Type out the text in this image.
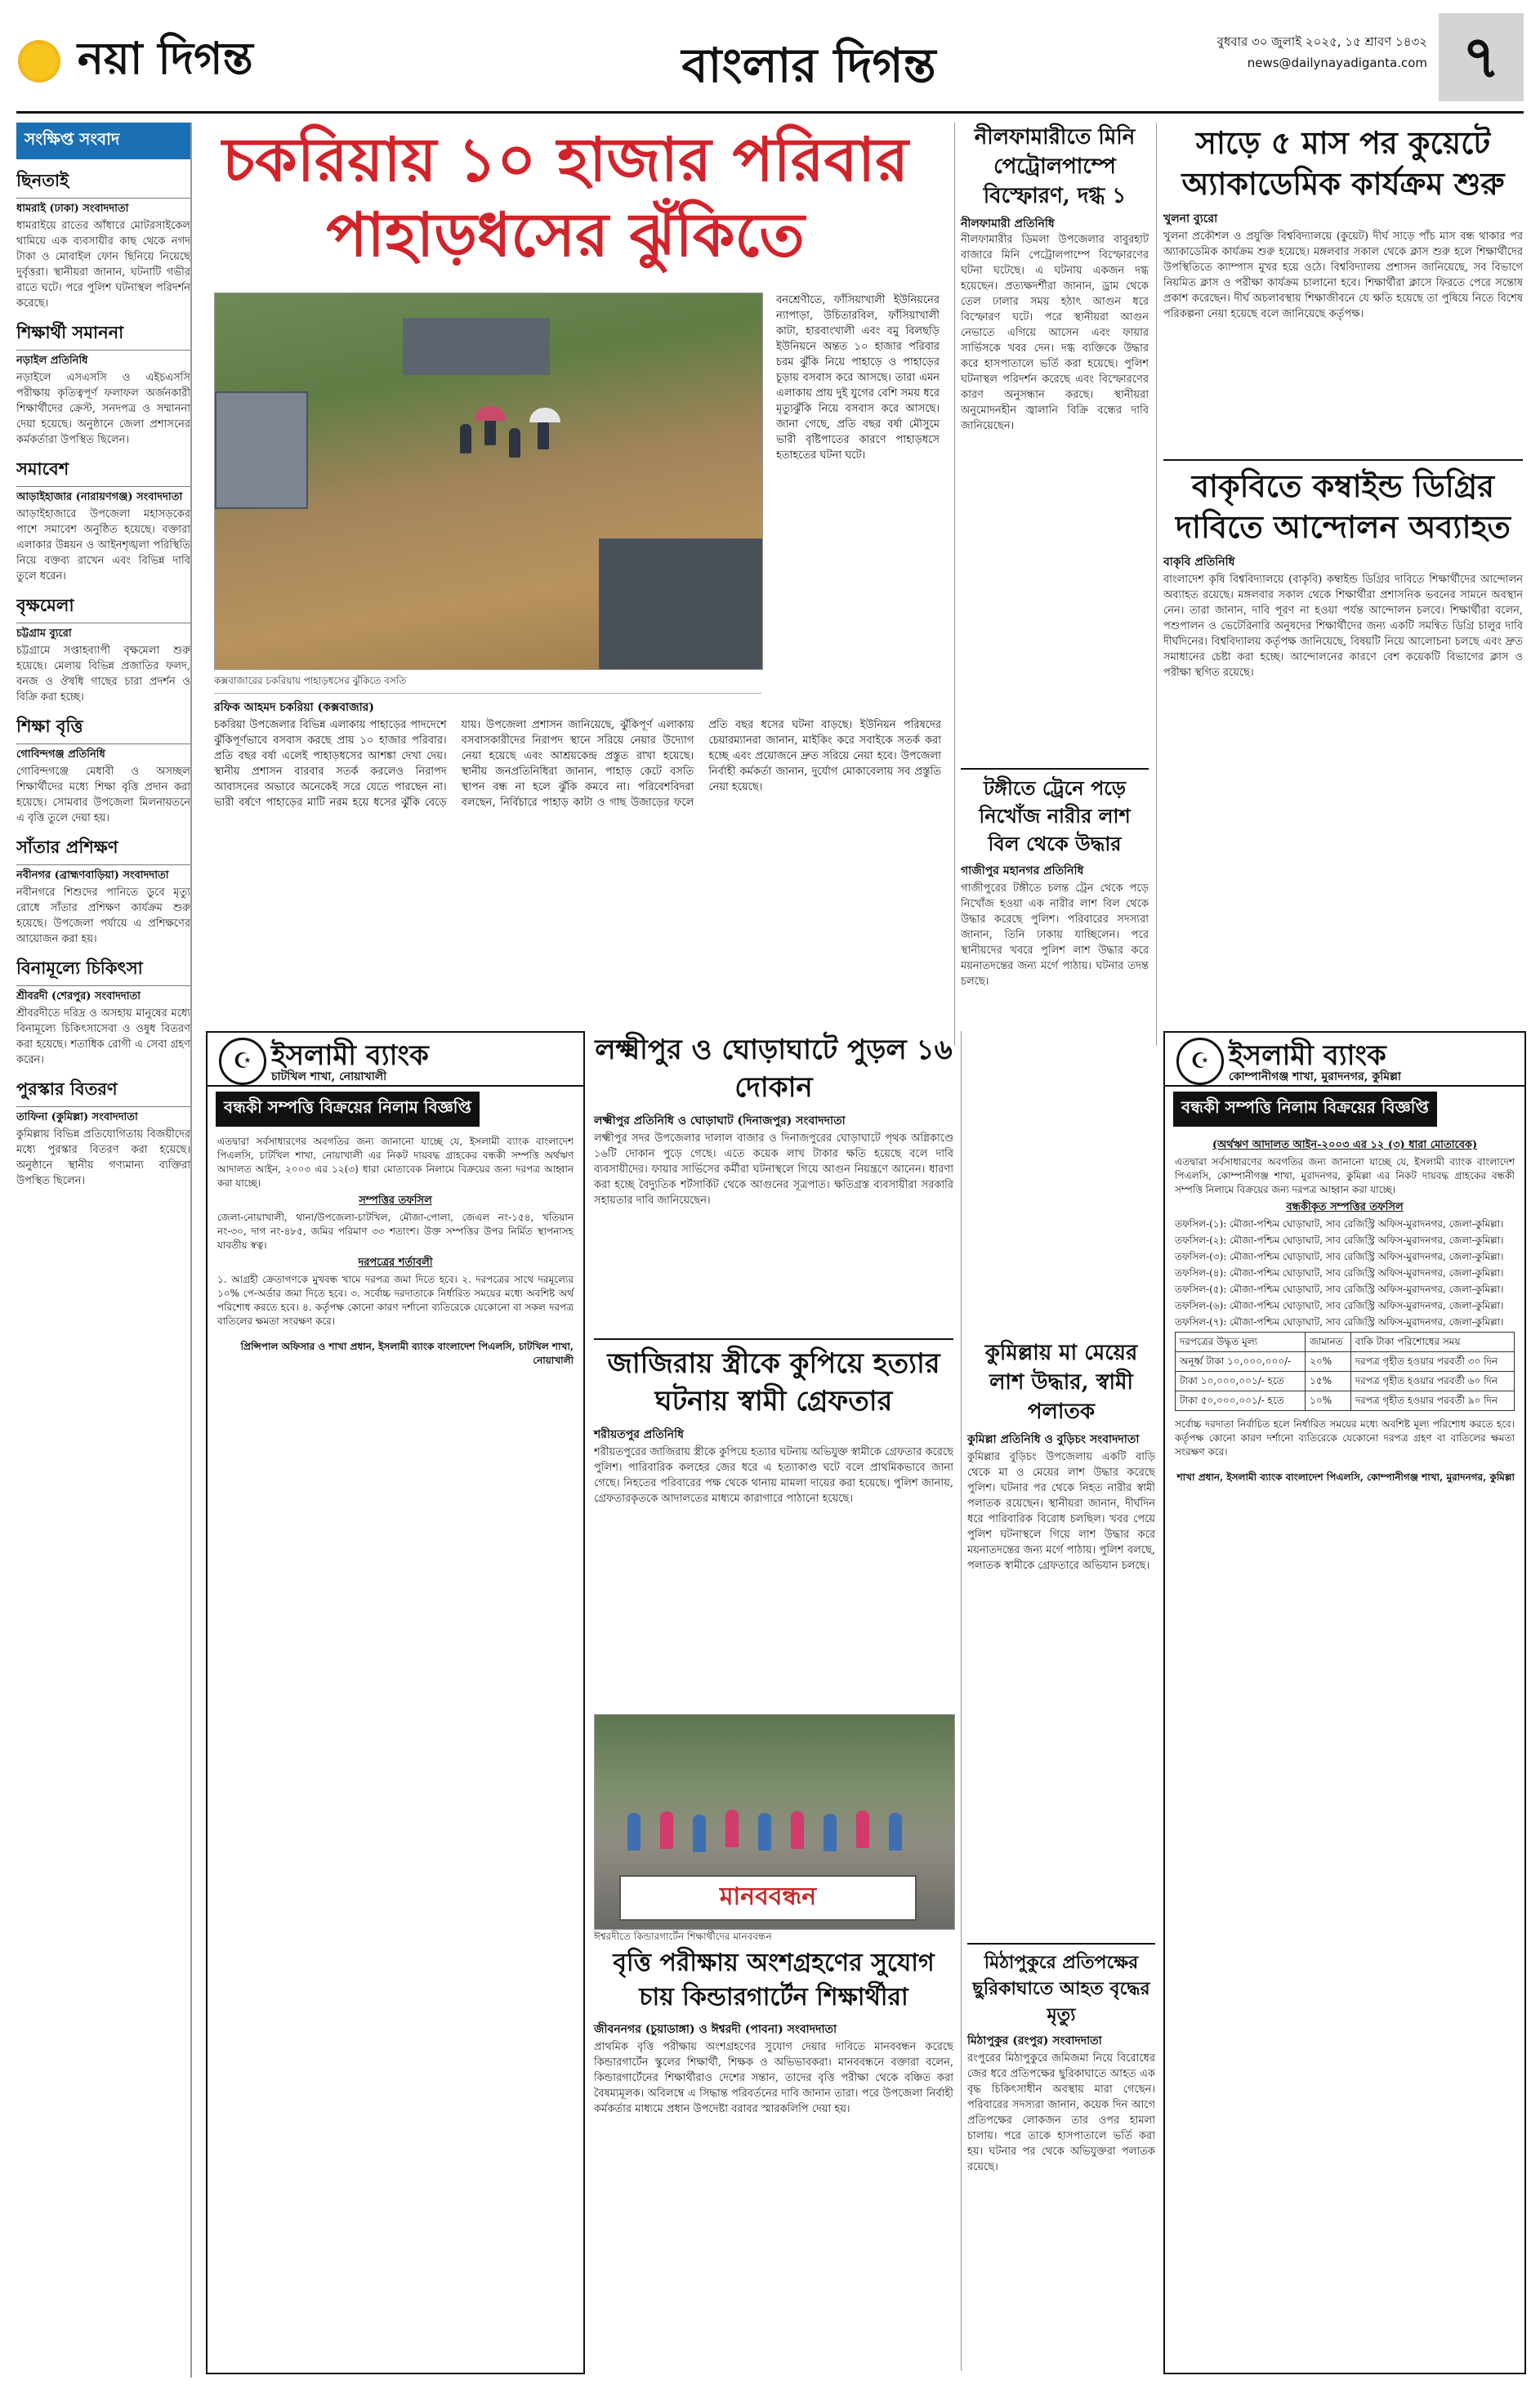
নয়া দিগন্ত	বাংলার দিগন্ত	বুধবার ৩০ জুলাই ২০২৫, ১৫ শ্রাবণ ১৪৩২
news@dailynayadiganta.com ৭
সংক্ষিপ্ত সংবাদ
ছিনতাই
ধামরাই (ঢাকা) সংবাদদাতা
ধামরাইয়ে রাতের আঁধারে মোটরসাইকেল থামিয়ে এক ব্যবসায়ীর কাছ থেকে নগদ টাকা ও মোবাইল ফোন ছিনিয়ে নিয়েছে দুর্বৃত্তরা। স্থানীয়রা জানান, ঘটনাটি গভীর রাতে ঘটে। পরে পুলিশ ঘটনাস্থল পরিদর্শন করেছে।
শিক্ষার্থী সমাননা
নড়াইল প্রতিনিধি
নড়াইলে এসএসসি ও এইচএসসি পরীক্ষায় কৃতিত্বপূর্ণ ফলাফল অর্জনকারী শিক্ষার্থীদের ক্রেস্ট, সনদপত্র ও সম্মাননা দেয়া হয়েছে। অনুষ্ঠানে জেলা প্রশাসনের কর্মকর্তারা উপস্থিত ছিলেন।
সমাবেশ
আড়াইহাজার (নারায়ণগঞ্জ) সংবাদদাতা
আড়াইহাজারে উপজেলা মহাসড়কের পাশে সমাবেশ অনুষ্ঠিত হয়েছে। বক্তারা এলাকার উন্নয়ন ও আইনশৃঙ্খলা পরিস্থিতি নিয়ে বক্তব্য রাখেন এবং বিভিন্ন দাবি তুলে ধরেন।
বৃক্ষমেলা
চট্টগ্রাম ব্যুরো
চট্টগ্রামে সপ্তাহব্যাপী বৃক্ষমেলা শুরু হয়েছে। মেলায় বিভিন্ন প্রজাতির ফলদ, বনজ ও ঔষধি গাছের চারা প্রদর্শন ও বিক্রি করা হচ্ছে।
শিক্ষা বৃত্তি
গোবিন্দগঞ্জ প্রতিনিধি
গোবিন্দগঞ্জে মেধাবী ও অসচ্ছল শিক্ষার্থীদের মধ্যে শিক্ষা বৃত্তি প্রদান করা হয়েছে। সোমবার উপজেলা মিলনায়তনে এ বৃত্তি তুলে দেয়া হয়।
সাঁতার প্রশিক্ষণ
নবীনগর (ব্রাহ্মণবাড়িয়া) সংবাদদাতা
নবীনগরে শিশুদের পানিতে ডুবে মৃত্যু রোধে সাঁতার প্রশিক্ষণ কার্যক্রম শুরু হয়েছে। উপজেলা পর্যায়ে এ প্রশিক্ষণের আয়োজন করা হয়।
বিনামূল্যে চিকিৎসা
শ্রীবরদী (শেরপুর) সংবাদদাতা
শ্রীবরদীতে দরিদ্র ও অসহায় মানুষের মধ্যে বিনামূল্যে চিকিৎসাসেবা ও ওষুধ বিতরণ করা হয়েছে। শতাধিক রোগী এ সেবা গ্রহণ করেন।
পুরস্কার বিতরণ
তাফিনা (কুমিল্লা) সংবাদদাতা
কুমিল্লায় বিভিন্ন প্রতিযোগিতায় বিজয়ীদের মধ্যে পুরস্কার বিতরণ করা হয়েছে। অনুষ্ঠানে স্থানীয় গণ্যমান্য ব্যক্তিরা উপস্থিত ছিলেন।
চকরিয়ায় ১০ হাজার পরিবার পাহাড়ধসের ঝুঁকিতে
কক্সবাজারের চকরিয়ায় পাহাড়ধসের ঝুঁকিতে বসতি
বনশ্রেণীতে, ফাঁসিয়াখালী ইউনিয়নের ন্যাপাড়া, উচিতারবিল, ফাঁসিয়াখালী কাটা, হারবাংখালী এবং বমু বিলছড়ি ইউনিয়নে অন্তত ১০ হাজার পরিবার চরম ঝুঁকি নিয়ে পাহাড়ে ও পাহাড়ের চূড়ায় বসবাস করে আসছে। তারা এমন এলাকায় প্রায় দুই যুগের বেশি সময় ধরে মৃত্যুঝুঁকি নিয়ে বসবাস করে আসছে। জানা গেছে, প্রতি বছর বর্ষা মৌসুমে ভারী বৃষ্টিপাতের কারণে পাহাড়ধসে হতাহতের ঘটনা ঘটে।
রফিক আহমদ চকরিয়া (কক্সবাজার)
চকরিয়া উপজেলার বিভিন্ন এলাকায় পাহাড়ের পাদদেশে ঝুঁকিপূর্ণভাবে বসবাস করছে প্রায় ১০ হাজার পরিবার। প্রতি বছর বর্ষা এলেই পাহাড়ধসের আশঙ্কা দেখা দেয়। স্থানীয় প্রশাসন বারবার সতর্ক করলেও নিরাপদ আবাসনের অভাবে অনেকেই সরে যেতে পারছেন না। ভারী বর্ষণে পাহাড়ের মাটি নরম হয়ে ধসের ঝুঁকি বেড়ে যায়। উপজেলা প্রশাসন জানিয়েছে, ঝুঁকিপূর্ণ এলাকায় বসবাসকারীদের নিরাপদ স্থানে সরিয়ে নেয়ার উদ্যোগ নেয়া হয়েছে এবং আশ্রয়কেন্দ্র প্রস্তুত রাখা হয়েছে। স্থানীয় জনপ্রতিনিধিরা জানান, পাহাড় কেটে বসতি স্থাপন বন্ধ না হলে ঝুঁকি কমবে না। পরিবেশবিদরা বলছেন, নির্বিচারে পাহাড় কাটা ও গাছ উজাড়ের ফলে প্রতি বছর ধসের ঘটনা বাড়ছে। ইউনিয়ন পরিষদের চেয়ারম্যানরা জানান, মাইকিং করে সবাইকে সতর্ক করা হচ্ছে এবং প্রয়োজনে দ্রুত সরিয়ে নেয়া হবে। উপজেলা নির্বাহী কর্মকর্তা জানান, দুর্যোগ মোকাবেলায় সব প্রস্তুতি নেয়া হয়েছে।
নীলফামারীতে মিনি পেট্রোলপাম্পে বিস্ফোরণ, দগ্ধ ১
নীলফামারী প্রতিনিধি
নীলফামারীর ডিমলা উপজেলার বাবুরহাট বাজারে মিনি পেট্রোলপাম্পে বিস্ফোরণের ঘটনা ঘটেছে। এ ঘটনায় একজন দগ্ধ হয়েছেন। প্রত্যক্ষদর্শীরা জানান, ড্রাম থেকে তেল ঢালার সময় হঠাৎ আগুন ধরে বিস্ফোরণ ঘটে। পরে স্থানীয়রা আগুন নেভাতে এগিয়ে আসেন এবং ফায়ার সার্ভিসকে খবর দেন। দগ্ধ ব্যক্তিকে উদ্ধার করে হাসপাতালে ভর্তি করা হয়েছে। পুলিশ ঘটনাস্থল পরিদর্শন করেছে এবং বিস্ফোরণের কারণ অনুসন্ধান করছে। স্থানীয়রা অনুমোদনহীন জ্বালানি বিক্রি বন্ধের দাবি জানিয়েছেন।
টঙ্গীতে ট্রেনে পড়ে নিখোঁজ নারীর লাশ বিল থেকে উদ্ধার
গাজীপুর মহানগর প্রতিনিধি
গাজীপুরের টঙ্গীতে চলন্ত ট্রেন থেকে পড়ে নিখোঁজ হওয়া এক নারীর লাশ বিল থেকে উদ্ধার করেছে পুলিশ। পরিবারের সদস্যরা জানান, তিনি ঢাকায় যাচ্ছিলেন। পরে স্থানীয়দের খবরে পুলিশ লাশ উদ্ধার করে ময়নাতদন্তের জন্য মর্গে পাঠায়। ঘটনার তদন্ত চলছে।
সাড়ে ৫ মাস পর কুয়েটে অ্যাকাডেমিক কার্যক্রম শুরু
খুলনা ব্যুরো
খুলনা প্রকৌশল ও প্রযুক্তি বিশ্ববিদ্যালয়ে (কুয়েট) দীর্ঘ সাড়ে পাঁচ মাস বন্ধ থাকার পর অ্যাকাডেমিক কার্যক্রম শুরু হয়েছে। মঙ্গলবার সকাল থেকে ক্লাস শুরু হলে শিক্ষার্থীদের উপস্থিতিতে ক্যাম্পাস মুখর হয়ে ওঠে। বিশ্ববিদ্যালয় প্রশাসন জানিয়েছে, সব বিভাগে নিয়মিত ক্লাস ও পরীক্ষা কার্যক্রম চালানো হবে। শিক্ষার্থীরা ক্লাসে ফিরতে পেরে সন্তোষ প্রকাশ করেছেন। দীর্ঘ অচলাবস্থায় শিক্ষাজীবনে যে ক্ষতি হয়েছে তা পুষিয়ে নিতে বিশেষ পরিকল্পনা নেয়া হয়েছে বলে জানিয়েছে কর্তৃপক্ষ।
বাকৃবিতে কম্বাইন্ড ডিগ্রির দাবিতে আন্দোলন অব্যাহত
বাকৃবি প্রতিনিধি
বাংলাদেশ কৃষি বিশ্ববিদ্যালয়ে (বাকৃবি) কম্বাইন্ড ডিগ্রির দাবিতে শিক্ষার্থীদের আন্দোলন অব্যাহত রয়েছে। মঙ্গলবার সকাল থেকে শিক্ষার্থীরা প্রশাসনিক ভবনের সামনে অবস্থান নেন। তারা জানান, দাবি পূরণ না হওয়া পর্যন্ত আন্দোলন চলবে। শিক্ষার্থীরা বলেন, পশুপালন ও ভেটেরিনারি অনুষদের শিক্ষার্থীদের জন্য একটি সমন্বিত ডিগ্রি চালুর দাবি দীর্ঘদিনের। বিশ্ববিদ্যালয় কর্তৃপক্ষ জানিয়েছে, বিষয়টি নিয়ে আলোচনা চলছে এবং দ্রুত সমাধানের চেষ্টা করা হচ্ছে। আন্দোলনের কারণে বেশ কয়েকটি বিভাগের ক্লাস ও পরীক্ষা স্থগিত রয়েছে।
☪ ইসলামী ব্যাংক
চাটখিল শাখা, নোয়াখালী
বন্ধকী সম্পত্তি বিক্রয়ের নিলাম বিজ্ঞপ্তি
এতদ্বারা সর্বসাধারণের অবগতির জন্য জানানো যাচ্ছে যে, ইসলামী ব্যাংক বাংলাদেশ পিএলসি, চাটখিল শাখা, নোয়াখালী এর নিকট দায়বদ্ধ গ্রাহকের বন্ধকী সম্পত্তি অর্থঋণ আদালত আইন, ২০০৩ এর ১২(৩) ধারা মোতাবেক নিলামে বিক্রয়ের জন্য দরপত্র আহ্বান করা যাচ্ছে।
সম্পত্তির তফসিল
জেলা-নোয়াখালী, থানা/উপজেলা-চাটখিল, মৌজা-পোলা, জেএল নং-১৫৪, খতিয়ান নং-৩০, দাগ নং-৪৮৫, জমির পরিমাণ ৩৩ শতাংশ। উক্ত সম্পত্তির উপর নির্মিত স্থাপনাসহ যাবতীয় স্বত্ব।
দরপত্রের শর্তাবলী
১. আগ্রহী ক্রেতাগণকে মুখবন্ধ খামে দরপত্র জমা দিতে হবে। ২. দরপত্রের সাথে দরমূল্যের ১০% পে-অর্ডার জমা দিতে হবে। ৩. সর্বোচ্চ দরদাতাকে নির্ধারিত সময়ের মধ্যে অবশিষ্ট অর্থ পরিশোধ করতে হবে। ৪. কর্তৃপক্ষ কোনো কারণ দর্শানো ব্যতিরেকে যেকোনো বা সকল দরপত্র বাতিলের ক্ষমতা সংরক্ষণ করে।
প্রিন্সিপাল অফিসার ও শাখা প্রধান, ইসলামী ব্যাংক বাংলাদেশ পিএলসি, চাটখিল শাখা, নোয়াখালী
লক্ষ্মীপুর ও ঘোড়াঘাটে পুড়ল ১৬ দোকান
লক্ষ্মীপুর প্রতিনিধি ও ঘোড়াঘাট (দিনাজপুর) সংবাদদাতা
লক্ষ্মীপুর সদর উপজেলার দালাল বাজার ও দিনাজপুরের ঘোড়াঘাটে পৃথক অগ্নিকাণ্ডে ১৬টি দোকান পুড়ে গেছে। এতে কয়েক লাখ টাকার ক্ষতি হয়েছে বলে দাবি ব্যবসায়ীদের। ফায়ার সার্ভিসের কর্মীরা ঘটনাস্থলে গিয়ে আগুন নিয়ন্ত্রণে আনেন। ধারণা করা হচ্ছে বৈদ্যুতিক শর্টসার্কিট থেকে আগুনের সূত্রপাত। ক্ষতিগ্রস্ত ব্যবসায়ীরা সরকারি সহায়তার দাবি জানিয়েছেন।
জাজিরায় স্ত্রীকে কুপিয়ে হত্যার ঘটনায় স্বামী গ্রেফতার
শরীয়তপুর প্রতিনিধি
শরীয়তপুরের জাজিরায় স্ত্রীকে কুপিয়ে হত্যার ঘটনায় অভিযুক্ত স্বামীকে গ্রেফতার করেছে পুলিশ। পারিবারিক কলহের জের ধরে এ হত্যাকাণ্ড ঘটে বলে প্রাথমিকভাবে জানা গেছে। নিহতের পরিবারের পক্ষ থেকে থানায় মামলা দায়ের করা হয়েছে। পুলিশ জানায়, গ্রেফতারকৃতকে আদালতের মাধ্যমে কারাগারে পাঠানো হয়েছে।
মানববন্ধন
ঈশ্বরদীতে কিন্ডারগার্টেন শিক্ষার্থীদের মানববন্ধন
বৃত্তি পরীক্ষায় অংশগ্রহণের সুযোগ চায় কিন্ডারগার্টেন শিক্ষার্থীরা
জীবননগর (চুয়াডাঙ্গা) ও ঈশ্বরদী (পাবনা) সংবাদদাতা
প্রাথমিক বৃত্তি পরীক্ষায় অংশগ্রহণের সুযোগ দেয়ার দাবিতে মানববন্ধন করেছে কিন্ডারগার্টেন স্কুলের শিক্ষার্থী, শিক্ষক ও অভিভাবকরা। মানববন্ধনে বক্তারা বলেন, কিন্ডারগার্টেনের শিক্ষার্থীরাও দেশের সন্তান, তাদের বৃত্তি পরীক্ষা থেকে বঞ্চিত করা বৈষম্যমূলক। অবিলম্বে এ সিদ্ধান্ত পরিবর্তনের দাবি জানান তারা। পরে উপজেলা নির্বাহী কর্মকর্তার মাধ্যমে প্রধান উপদেষ্টা বরাবর স্মারকলিপি দেয়া হয়।
কুমিল্লায় মা মেয়ের লাশ উদ্ধার, স্বামী পলাতক
কুমিল্লা প্রতিনিধি ও বুড়িচং সংবাদদাতা
কুমিল্লার বুড়িচং উপজেলায় একটি বাড়ি থেকে মা ও মেয়ের লাশ উদ্ধার করেছে পুলিশ। ঘটনার পর থেকে নিহত নারীর স্বামী পলাতক রয়েছেন। স্থানীয়রা জানান, দীর্ঘদিন ধরে পারিবারিক বিরোধ চলছিল। খবর পেয়ে পুলিশ ঘটনাস্থলে গিয়ে লাশ উদ্ধার করে ময়নাতদন্তের জন্য মর্গে পাঠায়। পুলিশ বলছে, পলাতক স্বামীকে গ্রেফতারে অভিযান চলছে।
মিঠাপুকুরে প্রতিপক্ষের ছুরিকাঘাতে আহত বৃদ্ধের মৃত্যু
মিঠাপুকুর (রংপুর) সংবাদদাতা
রংপুরের মিঠাপুকুরে জমিজমা নিয়ে বিরোধের জের ধরে প্রতিপক্ষের ছুরিকাঘাতে আহত এক বৃদ্ধ চিকিৎসাধীন অবস্থায় মারা গেছেন। পরিবারের সদস্যরা জানান, কয়েক দিন আগে প্রতিপক্ষের লোকজন তার ওপর হামলা চালায়। পরে তাকে হাসপাতালে ভর্তি করা হয়। ঘটনার পর থেকে অভিযুক্তরা পলাতক রয়েছে।
☪ ইসলামী ব্যাংক
কোম্পানীগঞ্জ শাখা, মুরাদনগর, কুমিল্লা
বন্ধকী সম্পত্তি নিলাম বিক্রয়ের বিজ্ঞপ্তি
(অর্থঋণ আদালত আইন-২০০৩ এর ১২ (৩) ধারা মোতাবেক)
এতদ্বারা সর্বসাধারণের অবগতির জন্য জানানো যাচ্ছে যে, ইসলামী ব্যাংক বাংলাদেশ পিএলসি, কোম্পানীগঞ্জ শাখা, মুরাদনগর, কুমিল্লা এর নিকট দায়বদ্ধ গ্রাহকের বন্ধকী সম্পত্তি নিলামে বিক্রয়ের জন্য দরপত্র আহ্বান করা যাচ্ছে।
বন্ধকীকৃত সম্পত্তির তফসিল
তফসিল-(১): মৌজা-পশ্চিম ঘোড়াঘাট, সাব রেজিস্ট্রি অফিস-মুরাদনগর, জেলা-কুমিল্লা।
তফসিল-(২): মৌজা-পশ্চিম ঘোড়াঘাট, সাব রেজিস্ট্রি অফিস-মুরাদনগর, জেলা-কুমিল্লা।
তফসিল-(৩): মৌজা-পশ্চিম ঘোড়াঘাট, সাব রেজিস্ট্রি অফিস-মুরাদনগর, জেলা-কুমিল্লা।
তফসিল-(৪): মৌজা-পশ্চিম ঘোড়াঘাট, সাব রেজিস্ট্রি অফিস-মুরাদনগর, জেলা-কুমিল্লা।
তফসিল-(৫): মৌজা-পশ্চিম ঘোড়াঘাট, সাব রেজিস্ট্রি অফিস-মুরাদনগর, জেলা-কুমিল্লা।
তফসিল-(৬): মৌজা-পশ্চিম ঘোড়াঘাট, সাব রেজিস্ট্রি অফিস-মুরাদনগর, জেলা-কুমিল্লা।
তফসিল-(৭): মৌজা-পশ্চিম ঘোড়াঘাট, সাব রেজিস্ট্রি অফিস-মুরাদনগর, জেলা-কুমিল্লা।
দরপত্রের উদ্ধৃত মূল্য	জামানত	বাকি টাকা পরিশোধের সময়
অনূর্ধ্ব টাকা ১০,০০০,০০০/-	২০%	দরপত্র গৃহীত হওয়ার পরবর্তী ৩০ দিন
টাকা ১০,০০০,০০১/- হতে	১৫%	দরপত্র গৃহীত হওয়ার পরবর্তী ৬০ দিন
টাকা ৫০,০০০,০০১/- হতে	১০%	দরপত্র গৃহীত হওয়ার পরবর্তী ৯০ দিন
সর্বোচ্চ দরদাতা নির্বাচিত হলে নির্ধারিত সময়ের মধ্যে অবশিষ্ট মূল্য পরিশোধ করতে হবে। কর্তৃপক্ষ কোনো কারণ দর্শানো ব্যতিরেকে যেকোনো দরপত্র গ্রহণ বা বাতিলের ক্ষমতা সংরক্ষণ করে।
শাখা প্রধান, ইসলামী ব্যাংক বাংলাদেশ পিএলসি, কোম্পানীগঞ্জ শাখা, মুরাদনগর, কুমিল্লা
